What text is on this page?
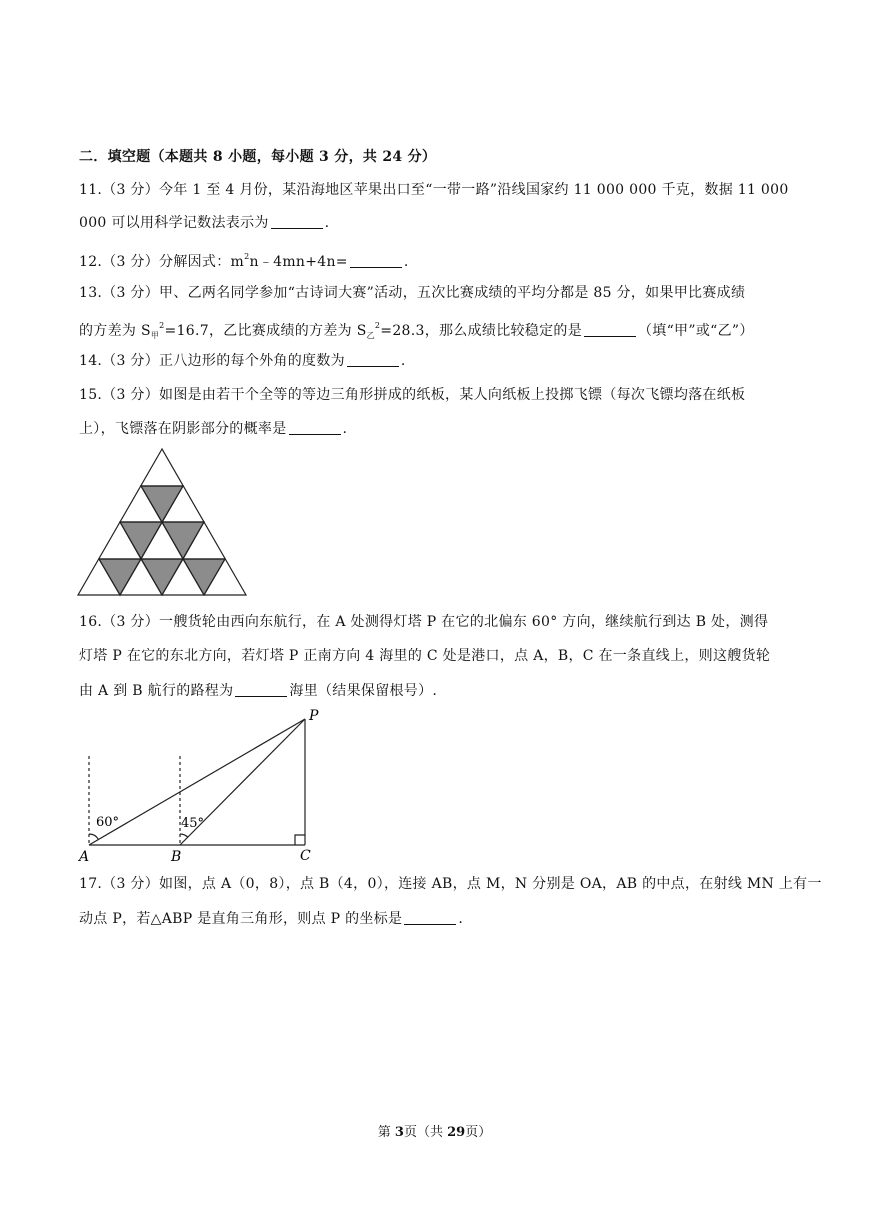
二．填空题（本题共 8 小题，每小题 3 分，共 24 分）
11.（3 分）今年 1 至 4 月份，某沿海地区苹果出口至“一带一路”沿线国家约 11 000 000 千克，数据 11 000
000 可以用科学记数法表示为	.
12.（3 分）分解因式：$m^2n﹣4mn+4n=$	.
13.（3 分）甲、乙两名同学参加“古诗词大赛”活动，五次比赛成绩的平均分都是 85 分，如果甲比赛成绩
的方差为 $S_甲^2=16.7$，乙比赛成绩的方差为 $S_乙^2=28.3$，那么成绩比较稳定的是	（填“甲”或“乙”）
14.（3 分）正八边形的每个外角的度数为	.
15.（3 分）如图是由若干个全等的等边三角形拼成的纸板，某人向纸板上投掷飞镖（每次飞镖均落在纸板
上），飞镖落在阴影部分的概率是	.
16.（3 分）一艘货轮由西向东航行，在 A 处测得灯塔 P 在它的北偏东 60° 方向，继续航行到达 B 处，测得
灯塔 P 在它的东北方向，若灯塔 P 正南方向 4 海里的 C 处是港口，点 A，B，C 在一条直线上，则这艘货轮
由 A 到 B 航行的路程为	海里（结果保留根号）.
60°	45°
A	B	C
P
17.（3 分）如图，点 A（0，8），点 B（4，0），连接 AB，点 M，N 分别是 OA，AB 的中点，在射线 MN 上有一
动点 P，若△ABP 是直角三角形，则点 P 的坐标是	.
第 3页（共 29页）
